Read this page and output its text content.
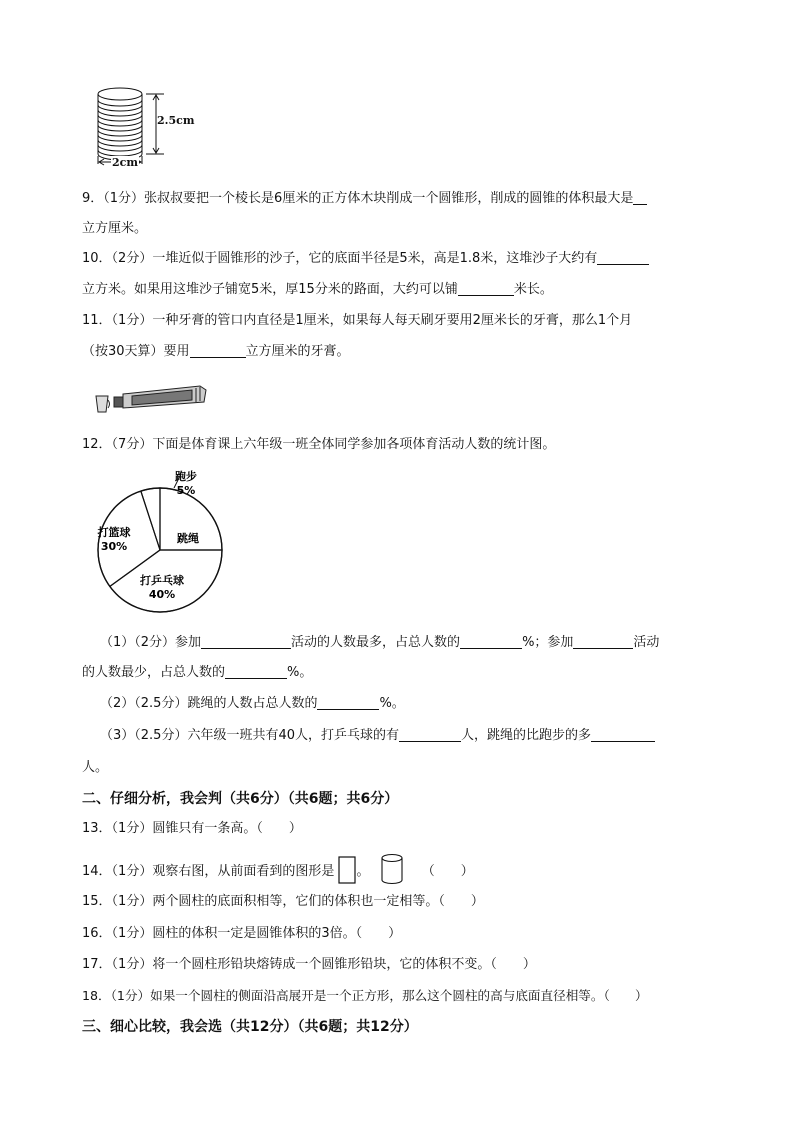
2.5cm
2cm
9．（1分）张叔叔要把一个棱长是6厘米的正方体木块削成一个圆锥形，削成的圆锥的体积最大是
立方厘米。
10．（2分）一堆近似于圆锥形的沙子，它的底面半径是5米，高是1.8米，这堆沙子大约有
立方米。如果用这堆沙子铺宽5米，厚15分米的路面，大约可以铺	米长。
11．（1分）一种牙膏的管口内直径是1厘米，如果每人每天刷牙要用2厘米长的牙膏，那么1个月
（按30天算）要用	立方厘米的牙膏。
12．（7分）下面是体育课上六年级一班全体同学参加各项体育活动人数的统计图。
跑步
5%
跳绳
打乒乓球
40%
打篮球
30%
（1）（2分）参加	活动的人数最多，占总人数的	%；参加	活动
的人数最少，占总人数的	%。
（2）（2.5分）跳绳的人数占总人数的	%。
（3）（2.5分）六年级一班共有40人，打乒乓球的有	人，跳绳的比跑步的多
人。
二、仔细分析，我会判（共6分）（共6题；共6分）
13．（1分）圆锥只有一条高。（　　）
14．（1分）观察右图，从前面看到的图形是 。	（　　）
15．（1分）两个圆柱的底面积相等，它们的体积也一定相等。（　　）
16．（1分）圆柱的体积一定是圆锥体积的3倍。（　　）
17．（1分）将一个圆柱形铅块熔铸成一个圆锥形铅块，它的体积不变。（　　）
18．（1分）如果一个圆柱的侧面沿高展开是一个正方形，那么这个圆柱的高与底面直径相等。（　　）
三、细心比较，我会选（共12分）（共6题；共12分）
